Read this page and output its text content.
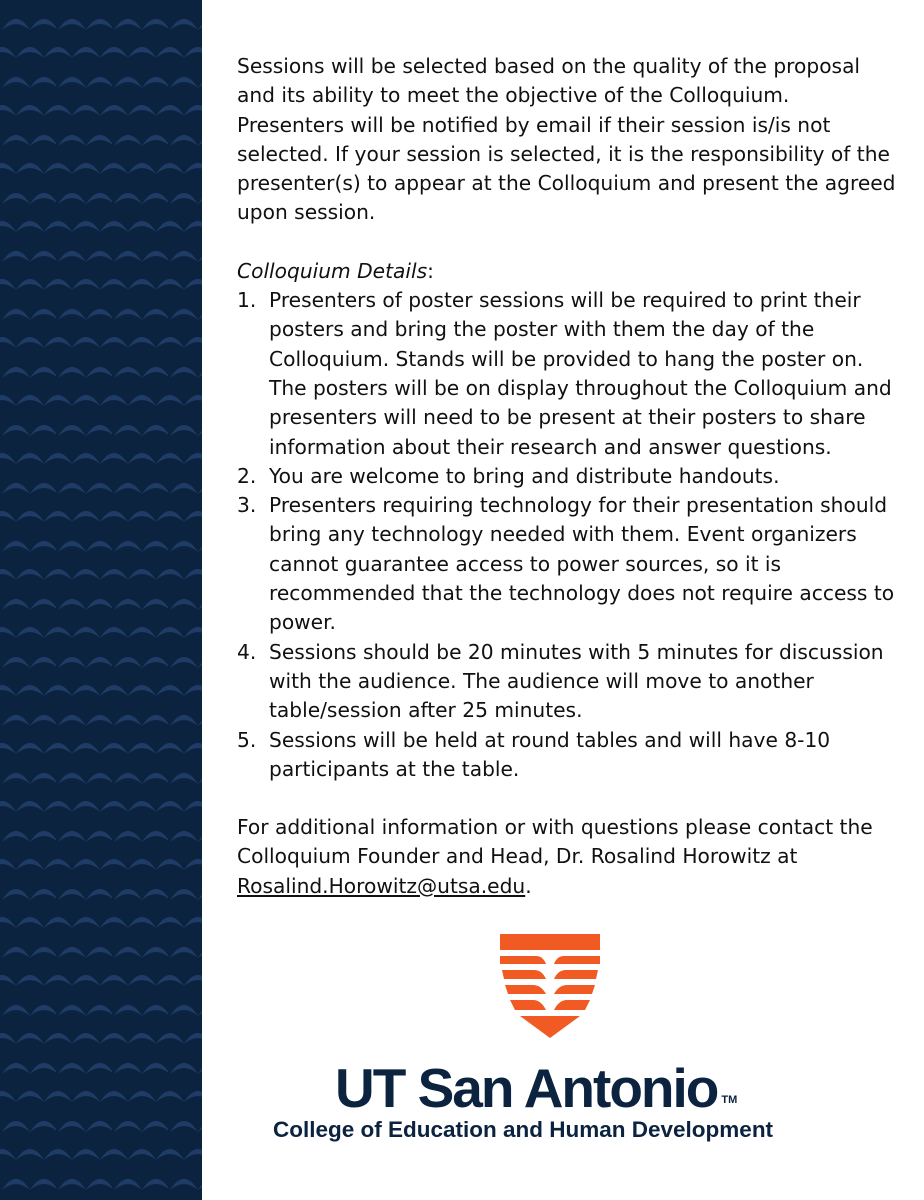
Sessions will be selected based on the quality of the proposal and its ability to meet the objective of the Colloquium. Presenters will be notified by email if their session is/is not selected. If your session is selected, it is the responsibility of the presenter(s) to appear at the Colloquium and present the agreed upon session.

Colloquium Details:

1. Presenters of poster sessions will be required to print their posters and bring the poster with them the day of the Colloquium. Stands will be provided to hang the poster on. The posters will be on display throughout the Colloquium and presenters will need to be present at their posters to share information about their research and answer questions.
2. You are welcome to bring and distribute handouts.
3. Presenters requiring technology for their presentation should bring any technology needed with them. Event organizers cannot guarantee access to power sources, so it is recommended that the technology does not require access to power.
4. Sessions should be 20 minutes with 5 minutes for discussion with the audience. The audience will move to another table/session after 25 minutes.
5. Sessions will be held at round tables and will have 8-10 participants at the table.

For additional information or with questions please contact the Colloquium Founder and Head, Dr. Rosalind Horowitz at Rosalind.Horowitz@utsa.edu.

UT San Antonio ™
College of Education and Human Development
